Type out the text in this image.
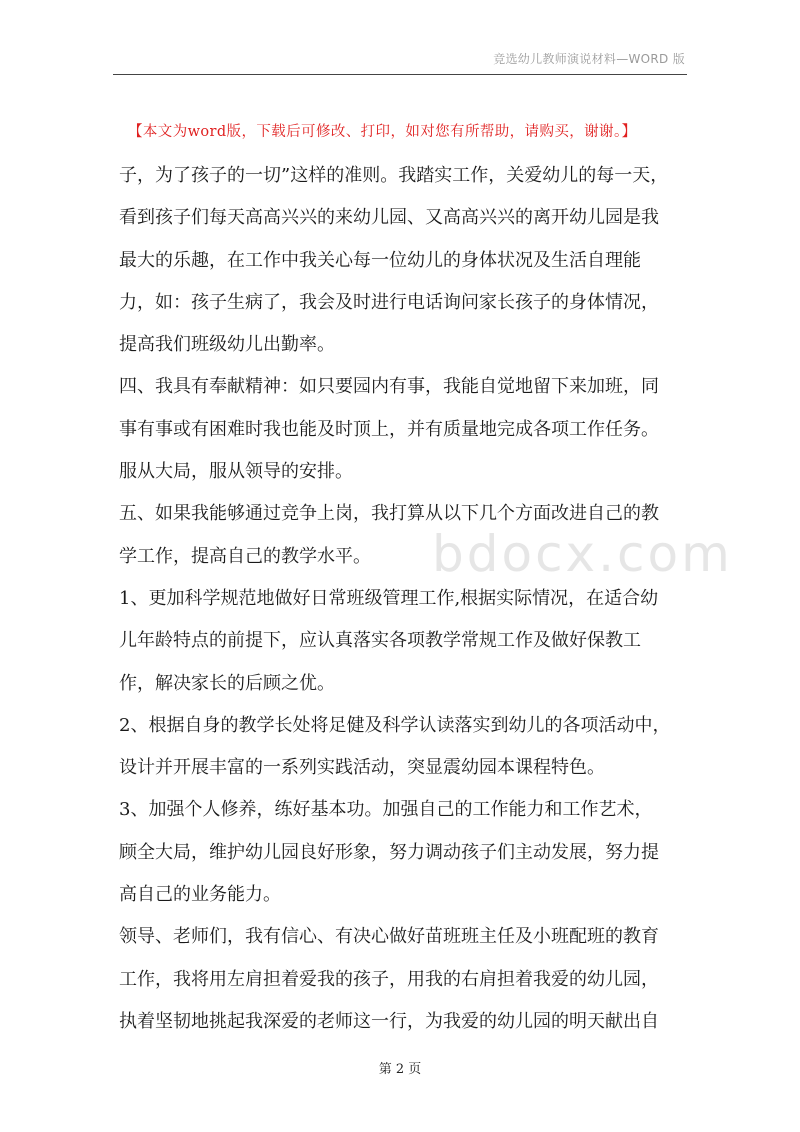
竞选幼儿教师演说材料—WORD 版
【本文为word版，下载后可修改、打印，如对您有所帮助，请购买，谢谢。】
bdocx.com
子，为了孩子的一切”这样的准则。我踏实工作，关爱幼儿的每一天，
看到孩子们每天高高兴兴的来幼儿园、又高高兴兴的离开幼儿园是我
最大的乐趣，在工作中我关心每一位幼儿的身体状况及生活自理能
力，如：孩子生病了，我会及时进行电话询问家长孩子的身体情况，
提高我们班级幼儿出勤率。
四、我具有奉献精神：如只要园内有事，我能自觉地留下来加班，同
事有事或有困难时我也能及时顶上，并有质量地完成各项工作任务。
服从大局，服从领导的安排。
五、如果我能够通过竞争上岗，我打算从以下几个方面改进自己的教
学工作，提高自己的教学水平。
1、更加科学规范地做好日常班级管理工作,根据实际情况，在适合幼
儿年龄特点的前提下，应认真落实各项教学常规工作及做好保教工
作，解决家长的后顾之优。
2、根据自身的教学长处将足健及科学认读落实到幼儿的各项活动中，
设计并开展丰富的一系列实践活动，突显震幼园本课程特色。
3、加强个人修养，练好基本功。加强自己的工作能力和工作艺术，
顾全大局，维护幼儿园良好形象，努力调动孩子们主动发展，努力提
高自己的业务能力。
领导、老师们，我有信心、有决心做好苗班班主任及小班配班的教育
工作，我将用左肩担着爱我的孩子，用我的右肩担着我爱的幼儿园，
执着坚韧地挑起我深爱的老师这一行，为我爱的幼儿园的明天献出自
第 2 页
